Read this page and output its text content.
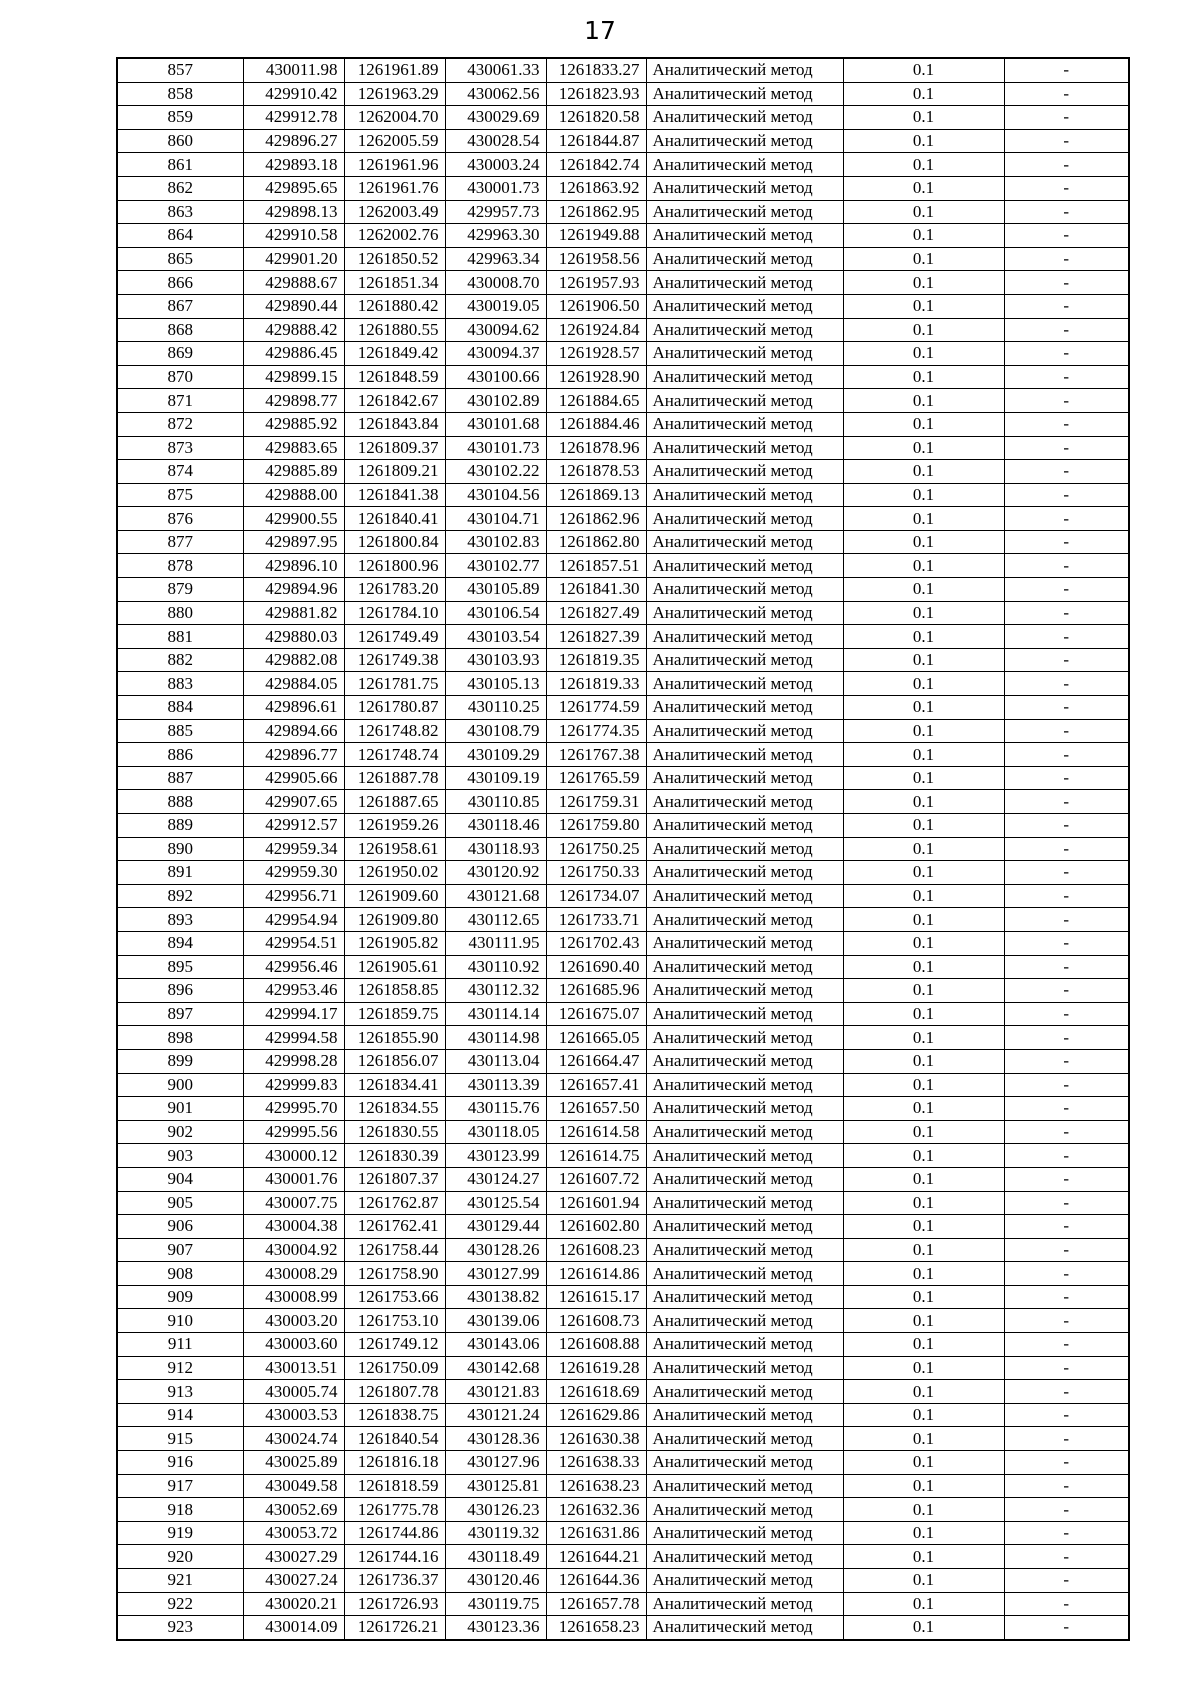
17
857	430011.98	1261961.89	430061.33	1261833.27	Аналитический метод	0.1	-
858	429910.42	1261963.29	430062.56	1261823.93	Аналитический метод	0.1	-
859	429912.78	1262004.70	430029.69	1261820.58	Аналитический метод	0.1	-
860	429896.27	1262005.59	430028.54	1261844.87	Аналитический метод	0.1	-
861	429893.18	1261961.96	430003.24	1261842.74	Аналитический метод	0.1	-
862	429895.65	1261961.76	430001.73	1261863.92	Аналитический метод	0.1	-
863	429898.13	1262003.49	429957.73	1261862.95	Аналитический метод	0.1	-
864	429910.58	1262002.76	429963.30	1261949.88	Аналитический метод	0.1	-
865	429901.20	1261850.52	429963.34	1261958.56	Аналитический метод	0.1	-
866	429888.67	1261851.34	430008.70	1261957.93	Аналитический метод	0.1	-
867	429890.44	1261880.42	430019.05	1261906.50	Аналитический метод	0.1	-
868	429888.42	1261880.55	430094.62	1261924.84	Аналитический метод	0.1	-
869	429886.45	1261849.42	430094.37	1261928.57	Аналитический метод	0.1	-
870	429899.15	1261848.59	430100.66	1261928.90	Аналитический метод	0.1	-
871	429898.77	1261842.67	430102.89	1261884.65	Аналитический метод	0.1	-
872	429885.92	1261843.84	430101.68	1261884.46	Аналитический метод	0.1	-
873	429883.65	1261809.37	430101.73	1261878.96	Аналитический метод	0.1	-
874	429885.89	1261809.21	430102.22	1261878.53	Аналитический метод	0.1	-
875	429888.00	1261841.38	430104.56	1261869.13	Аналитический метод	0.1	-
876	429900.55	1261840.41	430104.71	1261862.96	Аналитический метод	0.1	-
877	429897.95	1261800.84	430102.83	1261862.80	Аналитический метод	0.1	-
878	429896.10	1261800.96	430102.77	1261857.51	Аналитический метод	0.1	-
879	429894.96	1261783.20	430105.89	1261841.30	Аналитический метод	0.1	-
880	429881.82	1261784.10	430106.54	1261827.49	Аналитический метод	0.1	-
881	429880.03	1261749.49	430103.54	1261827.39	Аналитический метод	0.1	-
882	429882.08	1261749.38	430103.93	1261819.35	Аналитический метод	0.1	-
883	429884.05	1261781.75	430105.13	1261819.33	Аналитический метод	0.1	-
884	429896.61	1261780.87	430110.25	1261774.59	Аналитический метод	0.1	-
885	429894.66	1261748.82	430108.79	1261774.35	Аналитический метод	0.1	-
886	429896.77	1261748.74	430109.29	1261767.38	Аналитический метод	0.1	-
887	429905.66	1261887.78	430109.19	1261765.59	Аналитический метод	0.1	-
888	429907.65	1261887.65	430110.85	1261759.31	Аналитический метод	0.1	-
889	429912.57	1261959.26	430118.46	1261759.80	Аналитический метод	0.1	-
890	429959.34	1261958.61	430118.93	1261750.25	Аналитический метод	0.1	-
891	429959.30	1261950.02	430120.92	1261750.33	Аналитический метод	0.1	-
892	429956.71	1261909.60	430121.68	1261734.07	Аналитический метод	0.1	-
893	429954.94	1261909.80	430112.65	1261733.71	Аналитический метод	0.1	-
894	429954.51	1261905.82	430111.95	1261702.43	Аналитический метод	0.1	-
895	429956.46	1261905.61	430110.92	1261690.40	Аналитический метод	0.1	-
896	429953.46	1261858.85	430112.32	1261685.96	Аналитический метод	0.1	-
897	429994.17	1261859.75	430114.14	1261675.07	Аналитический метод	0.1	-
898	429994.58	1261855.90	430114.98	1261665.05	Аналитический метод	0.1	-
899	429998.28	1261856.07	430113.04	1261664.47	Аналитический метод	0.1	-
900	429999.83	1261834.41	430113.39	1261657.41	Аналитический метод	0.1	-
901	429995.70	1261834.55	430115.76	1261657.50	Аналитический метод	0.1	-
902	429995.56	1261830.55	430118.05	1261614.58	Аналитический метод	0.1	-
903	430000.12	1261830.39	430123.99	1261614.75	Аналитический метод	0.1	-
904	430001.76	1261807.37	430124.27	1261607.72	Аналитический метод	0.1	-
905	430007.75	1261762.87	430125.54	1261601.94	Аналитический метод	0.1	-
906	430004.38	1261762.41	430129.44	1261602.80	Аналитический метод	0.1	-
907	430004.92	1261758.44	430128.26	1261608.23	Аналитический метод	0.1	-
908	430008.29	1261758.90	430127.99	1261614.86	Аналитический метод	0.1	-
909	430008.99	1261753.66	430138.82	1261615.17	Аналитический метод	0.1	-
910	430003.20	1261753.10	430139.06	1261608.73	Аналитический метод	0.1	-
911	430003.60	1261749.12	430143.06	1261608.88	Аналитический метод	0.1	-
912	430013.51	1261750.09	430142.68	1261619.28	Аналитический метод	0.1	-
913	430005.74	1261807.78	430121.83	1261618.69	Аналитический метод	0.1	-
914	430003.53	1261838.75	430121.24	1261629.86	Аналитический метод	0.1	-
915	430024.74	1261840.54	430128.36	1261630.38	Аналитический метод	0.1	-
916	430025.89	1261816.18	430127.96	1261638.33	Аналитический метод	0.1	-
917	430049.58	1261818.59	430125.81	1261638.23	Аналитический метод	0.1	-
918	430052.69	1261775.78	430126.23	1261632.36	Аналитический метод	0.1	-
919	430053.72	1261744.86	430119.32	1261631.86	Аналитический метод	0.1	-
920	430027.29	1261744.16	430118.49	1261644.21	Аналитический метод	0.1	-
921	430027.24	1261736.37	430120.46	1261644.36	Аналитический метод	0.1	-
922	430020.21	1261726.93	430119.75	1261657.78	Аналитический метод	0.1	-
923	430014.09	1261726.21	430123.36	1261658.23	Аналитический метод	0.1	-
